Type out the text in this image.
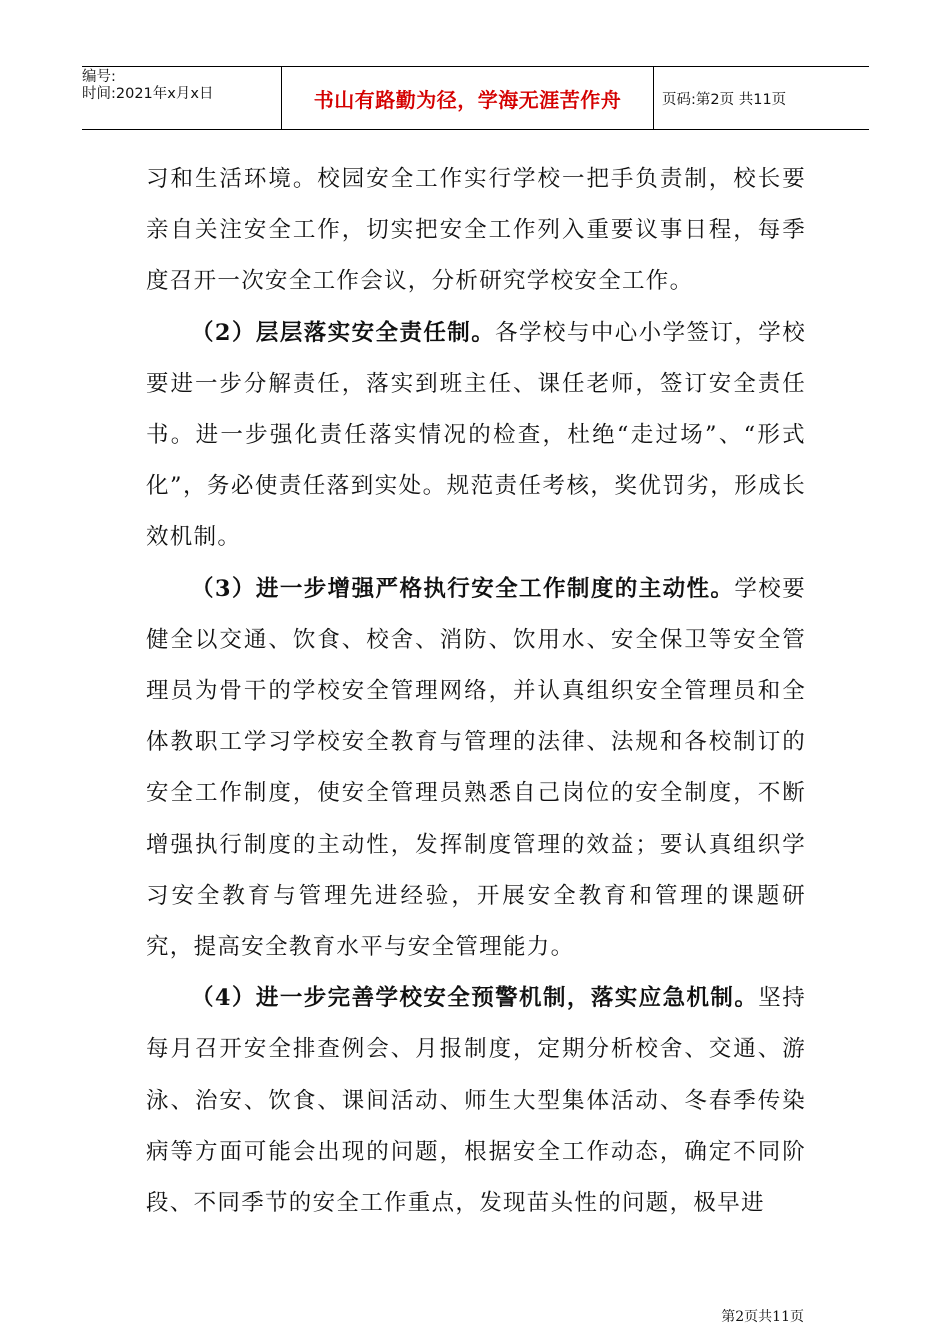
编号:
时间:2021年x月x日	书山有路勤为径，学海无涯苦作舟	页码:第2页 共11页

习和生活环境。校园安全工作实行学校一把手负责制，校长要亲自关注安全工作，切实把安全工作列入重要议事日程，每季度召开一次安全工作会议，分析研究学校安全工作。

（2）层层落实安全责任制。各学校与中心小学签订，学校要进一步分解责任，落实到班主任、课任老师，签订安全责任书。进一步强化责任落实情况的检查，杜绝“走过场”、“形式化”，务必使责任落到实处。规范责任考核，奖优罚劣，形成长效机制。

（3）进一步增强严格执行安全工作制度的主动性。学校要健全以交通、饮食、校舍、消防、饮用水、安全保卫等安全管理员为骨干的学校安全管理网络，并认真组织安全管理员和全体教职工学习学校安全教育与管理的法律、法规和各校制订的安全工作制度，使安全管理员熟悉自己岗位的安全制度，不断增强执行制度的主动性，发挥制度管理的效益；要认真组织学习安全教育与管理先进经验，开展安全教育和管理的课题研究，提高安全教育水平与安全管理能力。

（4）进一步完善学校安全预警机制，落实应急机制。坚持每月召开安全排查例会、月报制度，定期分析校舍、交通、游泳、治安、饮食、课间活动、师生大型集体活动、冬春季传染病等方面可能会出现的问题，根据安全工作动态，确定不同阶段、不同季节的安全工作重点，发现苗头性的问题，极早进

第2页共11页
